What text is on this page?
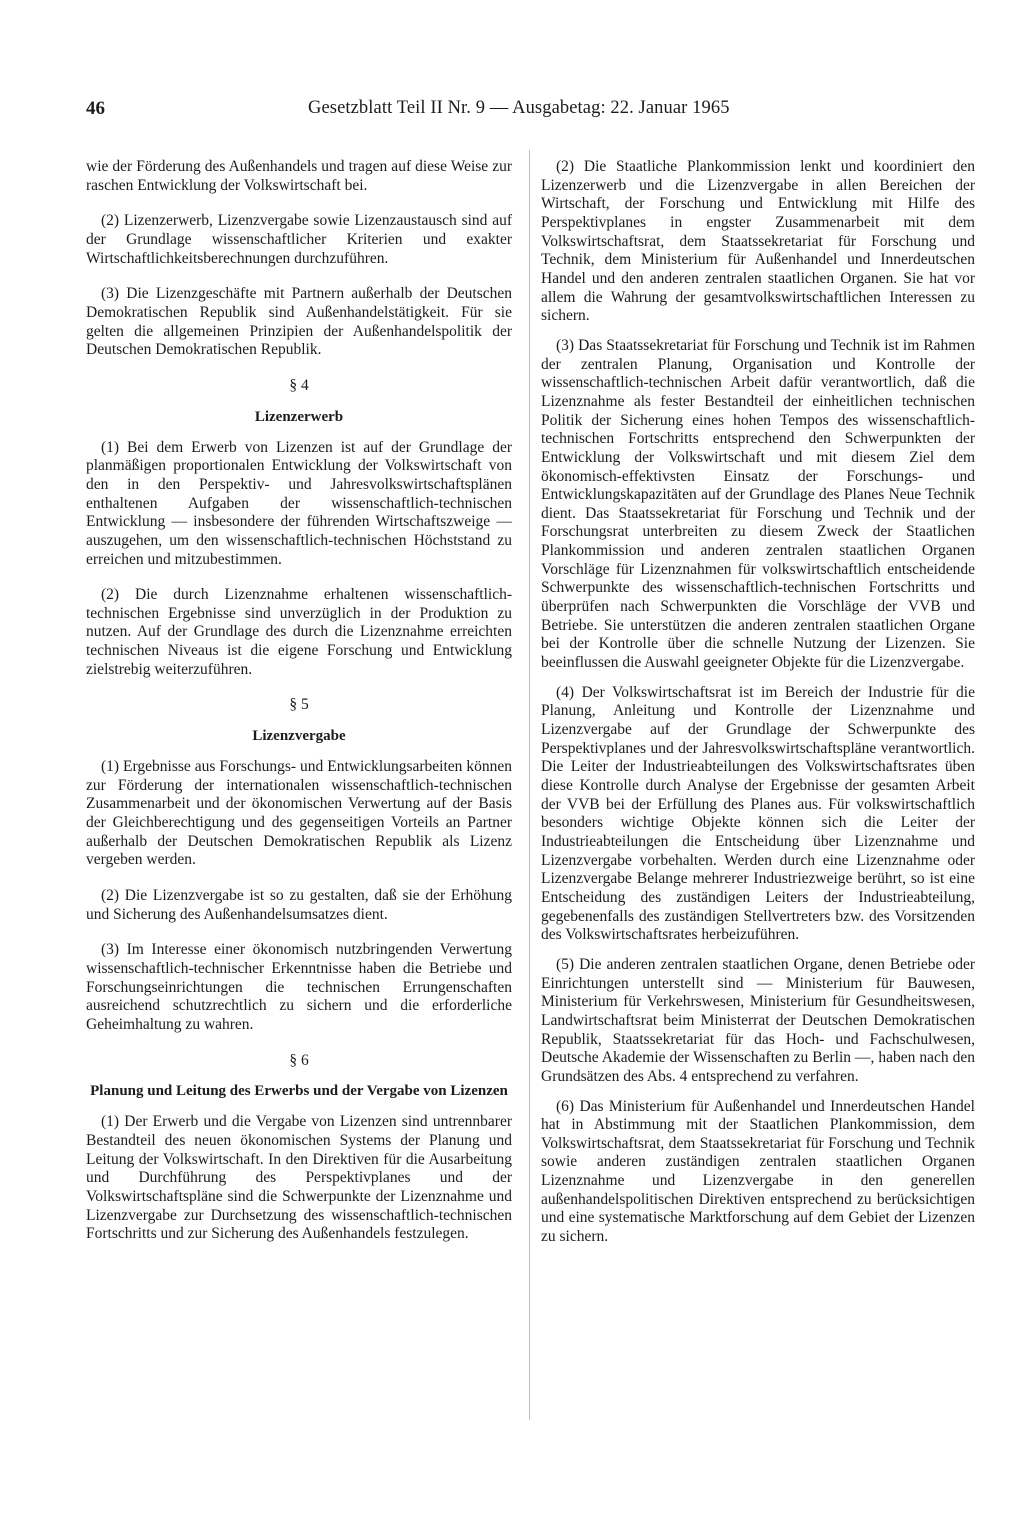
46	Gesetzblatt Teil II Nr. 9 — Ausgabetag: 22. Januar 1965

wie der Förderung des Außenhandels und tragen auf diese Weise zur raschen Entwicklung der Volkswirtschaft bei.

(2) Lizenzerwerb, Lizenzvergabe sowie Lizenzaustausch sind auf der Grundlage wissenschaftlicher Kriterien und exakter Wirtschaftlichkeitsberechnungen durchzuführen.

(3) Die Lizenzgeschäfte mit Partnern außerhalb der Deutschen Demokratischen Republik sind Außenhandelstätigkeit. Für sie gelten die allgemeinen Prinzipien der Außenhandelspolitik der Deutschen Demokratischen Republik.

§ 4
Lizenzerwerb

(1) Bei dem Erwerb von Lizenzen ist auf der Grundlage der planmäßigen proportionalen Entwicklung der Volkswirtschaft von den in den Perspektiv- und Jahresvolkswirtschaftsplänen enthaltenen Aufgaben der wissenschaftlich-technischen Entwicklung — insbesondere der führenden Wirtschaftszweige — auszugehen, um den wissenschaftlich-technischen Höchststand zu erreichen und mitzubestimmen.

(2) Die durch Lizenznahme erhaltenen wissenschaftlich-technischen Ergebnisse sind unverzüglich in der Produktion zu nutzen. Auf der Grundlage des durch die Lizenznahme erreichten technischen Niveaus ist die eigene Forschung und Entwicklung zielstrebig weiterzuführen.

§ 5
Lizenzvergabe

(1) Ergebnisse aus Forschungs- und Entwicklungsarbeiten können zur Förderung der internationalen wissenschaftlich-technischen Zusammenarbeit und der ökonomischen Verwertung auf der Basis der Gleichberechtigung und des gegenseitigen Vorteils an Partner außerhalb der Deutschen Demokratischen Republik als Lizenz vergeben werden.

(2) Die Lizenzvergabe ist so zu gestalten, daß sie der Erhöhung und Sicherung des Außenhandelsumsatzes dient.

(3) Im Interesse einer ökonomisch nutzbringenden Verwertung wissenschaftlich-technischer Erkenntnisse haben die Betriebe und Forschungseinrichtungen die technischen Errungenschaften ausreichend schutzrechtlich zu sichern und die erforderliche Geheimhaltung zu wahren.

§ 6
Planung und Leitung des Erwerbs und der Vergabe von Lizenzen

(1) Der Erwerb und die Vergabe von Lizenzen sind untrennbarer Bestandteil des neuen ökonomischen Systems der Planung und Leitung der Volkswirtschaft. In den Direktiven für die Ausarbeitung und Durchführung des Perspektivplanes und der Volkswirtschaftspläne sind die Schwerpunkte der Lizenznahme und Lizenzvergabe zur Durchsetzung des wissenschaftlich-technischen Fortschritts und zur Sicherung des Außenhandels festzulegen.

(2) Die Staatliche Plankommission lenkt und koordiniert den Lizenzerwerb und die Lizenzvergabe in allen Bereichen der Wirtschaft, der Forschung und Entwicklung mit Hilfe des Perspektivplanes in engster Zusammenarbeit mit dem Volkswirtschaftsrat, dem Staatssekretariat für Forschung und Technik, dem Ministerium für Außenhandel und Innerdeutschen Handel und den anderen zentralen staatlichen Organen. Sie hat vor allem die Wahrung der gesamtvolkswirtschaftlichen Interessen zu sichern.

(3) Das Staatssekretariat für Forschung und Technik ist im Rahmen der zentralen Planung, Organisation und Kontrolle der wissenschaftlich-technischen Arbeit dafür verantwortlich, daß die Lizenznahme als fester Bestandteil der einheitlichen technischen Politik der Sicherung eines hohen Tempos des wissenschaftlich-technischen Fortschritts entsprechend den Schwerpunkten der Entwicklung der Volkswirtschaft und mit diesem Ziel dem ökonomisch-effektivsten Einsatz der Forschungs- und Entwicklungskapazitäten auf der Grundlage des Planes Neue Technik dient. Das Staatssekretariat für Forschung und Technik und der Forschungsrat unterbreiten zu diesem Zweck der Staatlichen Plankommission und anderen zentralen staatlichen Organen Vorschläge für Lizenznahmen für volkswirtschaftlich entscheidende Schwerpunkte des wissenschaftlich-technischen Fortschritts und überprüfen nach Schwerpunkten die Vorschläge der VVB und Betriebe. Sie unterstützen die anderen zentralen staatlichen Organe bei der Kontrolle über die schnelle Nutzung der Lizenzen. Sie beeinflussen die Auswahl geeigneter Objekte für die Lizenzvergabe.

(4) Der Volkswirtschaftsrat ist im Bereich der Industrie für die Planung, Anleitung und Kontrolle der Lizenznahme und Lizenzvergabe auf der Grundlage der Schwerpunkte des Perspektivplanes und der Jahresvolkswirtschaftspläne verantwortlich. Die Leiter der Industrieabteilungen des Volkswirtschaftsrates üben diese Kontrolle durch Analyse der Ergebnisse der gesamten Arbeit der VVB bei der Erfüllung des Planes aus. Für volkswirtschaftlich besonders wichtige Objekte können sich die Leiter der Industrieabteilungen die Entscheidung über Lizenznahme und Lizenzvergabe vorbehalten. Werden durch eine Lizenznahme oder Lizenzvergabe Belange mehrerer Industriezweige berührt, so ist eine Entscheidung des zuständigen Leiters der Industrieabteilung, gegebenenfalls des zuständigen Stellvertreters bzw. des Vorsitzenden des Volkswirtschaftsrates herbeizuführen.

(5) Die anderen zentralen staatlichen Organe, denen Betriebe oder Einrichtungen unterstellt sind — Ministerium für Bauwesen, Ministerium für Verkehrswesen, Ministerium für Gesundheitswesen, Landwirtschaftsrat beim Ministerrat der Deutschen Demokratischen Republik, Staatssekretariat für das Hoch- und Fachschulwesen, Deutsche Akademie der Wissenschaften zu Berlin —, haben nach den Grundsätzen des Abs. 4 entsprechend zu verfahren.

(6) Das Ministerium für Außenhandel und Innerdeutschen Handel hat in Abstimmung mit der Staatlichen Plankommission, dem Volkswirtschaftsrat, dem Staatssekretariat für Forschung und Technik sowie anderen zuständigen zentralen staatlichen Organen Lizenznahme und Lizenzvergabe in den generellen außenhandelspolitischen Direktiven entsprechend zu berücksichtigen und eine systematische Marktforschung auf dem Gebiet der Lizenzen zu sichern.
